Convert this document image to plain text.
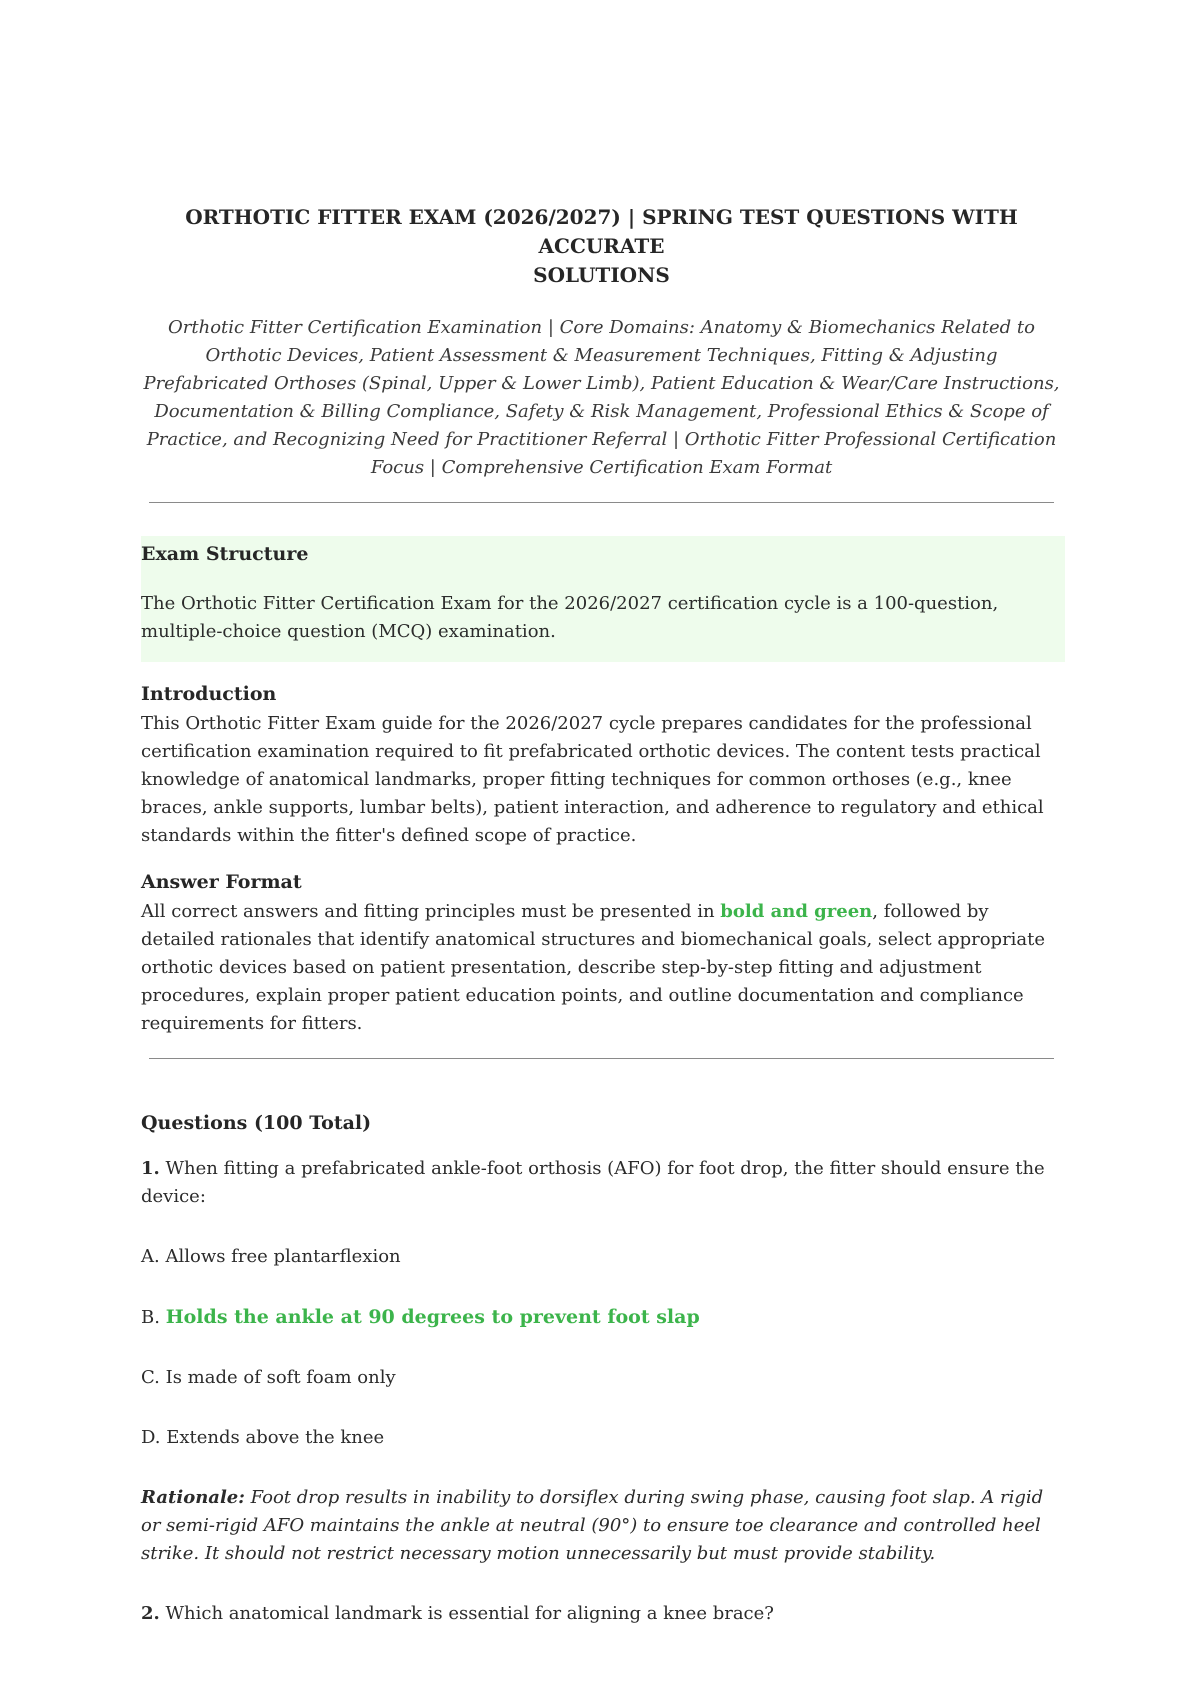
ORTHOTIC FITTER EXAM (2026/2027) | SPRING TEST QUESTIONS WITH ACCURATE
SOLUTIONS

Orthotic Fitter Certification Examination | Core Domains: Anatomy & Biomechanics Related to Orthotic Devices, Patient Assessment & Measurement Techniques, Fitting & Adjusting Prefabricated Orthoses (Spinal, Upper & Lower Limb), Patient Education & Wear/Care Instructions, Documentation & Billing Compliance, Safety & Risk Management, Professional Ethics & Scope of Practice, and Recognizing Need for Practitioner Referral | Orthotic Fitter Professional Certification Focus | Comprehensive Certification Exam Format

Exam Structure

The Orthotic Fitter Certification Exam for the 2026/2027 certification cycle is a 100-question, multiple-choice question (MCQ) examination.

Introduction

This Orthotic Fitter Exam guide for the 2026/2027 cycle prepares candidates for the professional certification examination required to fit prefabricated orthotic devices. The content tests practical knowledge of anatomical landmarks, proper fitting techniques for common orthoses (e.g., knee braces, ankle supports, lumbar belts), patient interaction, and adherence to regulatory and ethical standards within the fitter's defined scope of practice.

Answer Format

All correct answers and fitting principles must be presented in bold and green, followed by detailed rationales that identify anatomical structures and biomechanical goals, select appropriate orthotic devices based on patient presentation, describe step-by-step fitting and adjustment procedures, explain proper patient education points, and outline documentation and compliance requirements for fitters.

Questions (100 Total)

1. When fitting a prefabricated ankle-foot orthosis (AFO) for foot drop, the fitter should ensure the device:

A. Allows free plantarflexion

B. Holds the ankle at 90 degrees to prevent foot slap

C. Is made of soft foam only

D. Extends above the knee

Rationale: Foot drop results in inability to dorsiflex during swing phase, causing foot slap. A rigid or semi-rigid AFO maintains the ankle at neutral (90°) to ensure toe clearance and controlled heel strike. It should not restrict necessary motion unnecessarily but must provide stability.

2. Which anatomical landmark is essential for aligning a knee brace?
